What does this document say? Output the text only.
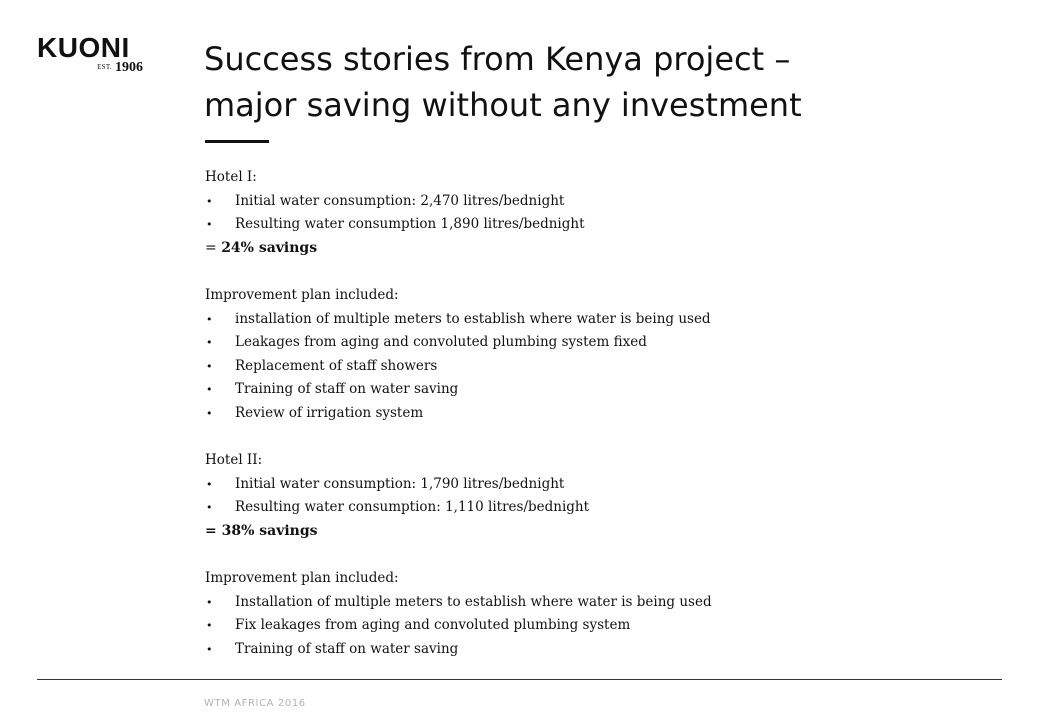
KUONI
EST. 1906 Success stories from Kenya project –
major saving without any investment
Hotel I:
• Initial water consumption: 2,470 litres/bednight
• Resulting water consumption 1,890 litres/bednight
= 24% savings
Improvement plan included:
• installation of multiple meters to establish where water is being used
• Leakages from aging and convoluted plumbing system fixed
• Replacement of staff showers
• Training of staff on water saving
• Review of irrigation system
Hotel II:
• Initial water consumption: 1,790 litres/bednight
• Resulting water consumption: 1,110 litres/bednight
= 38% savings
Improvement plan included:
• Installation of multiple meters to establish where water is being used
• Fix leakages from aging and convoluted plumbing system
• Training of staff on water saving
WTM AFRICA 2016
